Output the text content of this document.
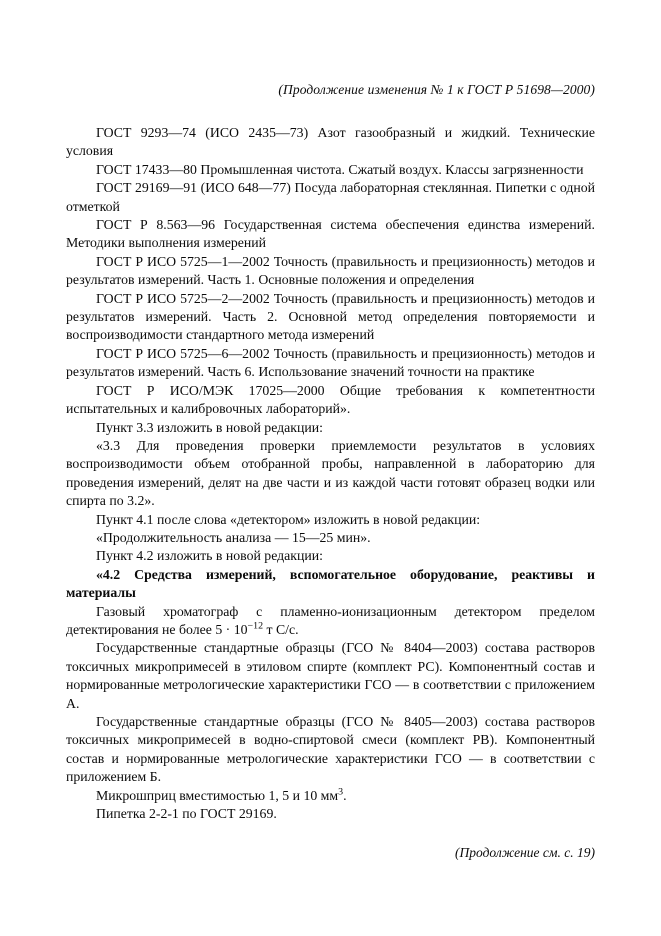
(Продолжение изменения № 1 к ГОСТ Р 51698—2000)

ГОСТ 9293—74 (ИСО 2435—73) Азот газообразный и жидкий. Технические условия

ГОСТ 17433—80 Промышленная чистота. Сжатый воздух. Классы загрязненности

ГОСТ 29169—91 (ИСО 648—77) Посуда лабораторная стеклянная. Пипетки с одной отметкой

ГОСТ Р 8.563—96 Государственная система обеспечения единства измерений. Методики выполнения измерений

ГОСТ Р ИСО 5725—1—2002 Точность (правильность и прецизионность) методов и результатов измерений. Часть 1. Основные положения и определения

ГОСТ Р ИСО 5725—2—2002 Точность (правильность и прецизионность) методов и результатов измерений. Часть 2. Основной метод определения повторяемости и воспроизводимости стандартного метода измерений

ГОСТ Р ИСО 5725—6—2002 Точность (правильность и прецизионность) методов и результатов измерений. Часть 6. Использование значений точности на практике

ГОСТ Р ИСО/МЭК 17025—2000 Общие требования к компетентности испытательных и калибровочных лабораторий».

Пункт 3.3 изложить в новой редакции:

«3.3 Для проведения проверки приемлемости результатов в условиях воспроизводимости объем отобранной пробы, направленной в лабораторию для проведения измерений, делят на две части и из каждой части готовят образец водки или спирта по 3.2».

Пункт 4.1 после слова «детектором» изложить в новой редакции:

«Продолжительность анализа — 15—25 мин».

Пункт 4.2 изложить в новой редакции:

«4.2 Средства измерений, вспомогательное оборудование, реактивы и материалы

Газовый хроматограф с пламенно-ионизационным детектором пределом детектирования не более $5 \cdot 10^{-12}$ т С/с.

Государственные стандартные образцы (ГСО № 8404—2003) состава растворов токсичных микропримесей в этиловом спирте (комплект РС). Компонентный состав и нормированные метрологические характеристики ГСО — в соответствии с приложением А.

Государственные стандартные образцы (ГСО № 8405—2003) состава растворов токсичных микропримесей в водно-спиртовой смеси (комплект РВ). Компонентный состав и нормированные метрологические характеристики ГСО — в соответствии с приложением Б.

Микрошприц вместимостью 1, 5 и 10 $мм^3$.

Пипетка 2-2-1 по ГОСТ 29169.

(Продолжение см. с. 19)
